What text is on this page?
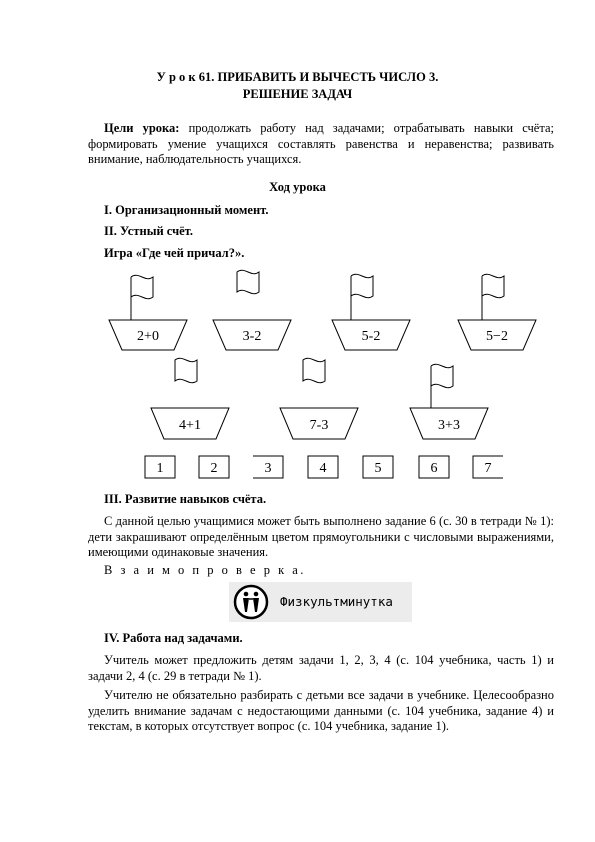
У р о к 61. ПРИБАВИТЬ И ВЫЧЕСТЬ ЧИСЛО 3.
РЕШЕНИЕ ЗАДАЧ
Цели урока: продолжать работу над задачами; отрабатывать навыки счёта; формировать умение учащихся составлять равенства и неравенства; развивать внимание, наблюдательность учащихся.
Ход урока
I. Организационный момент.
II. Устный счёт.
Игра «Где чей причал?».
2+0	3-2	5-2	5−2
4+1	7-3	3+3
1	2	3	4	5	6	7
III. Развитие навыков счёта.
С данной целью учащимися может быть выполнено задание 6 (с. 30 в тетради № 1): дети закрашивают определённым цветом прямоугольники с числовыми выражениями, имеющими одинаковые значения.
В з а и м о п р о в е р к а.
Физкультминутка
IV. Работа над задачами.
Учитель может предложить детям задачи 1, 2, 3, 4 (с. 104 учебника, часть 1) и задачи 2, 4 (с. 29 в тетради № 1).
Учителю не обязательно разбирать с детьми все задачи в учебнике. Целесообразно уделить внимание задачам с недостающими данными (с. 104 учебника, задание 4) и текстам, в которых отсутствует вопрос (с. 104 учебника, задание 1).
